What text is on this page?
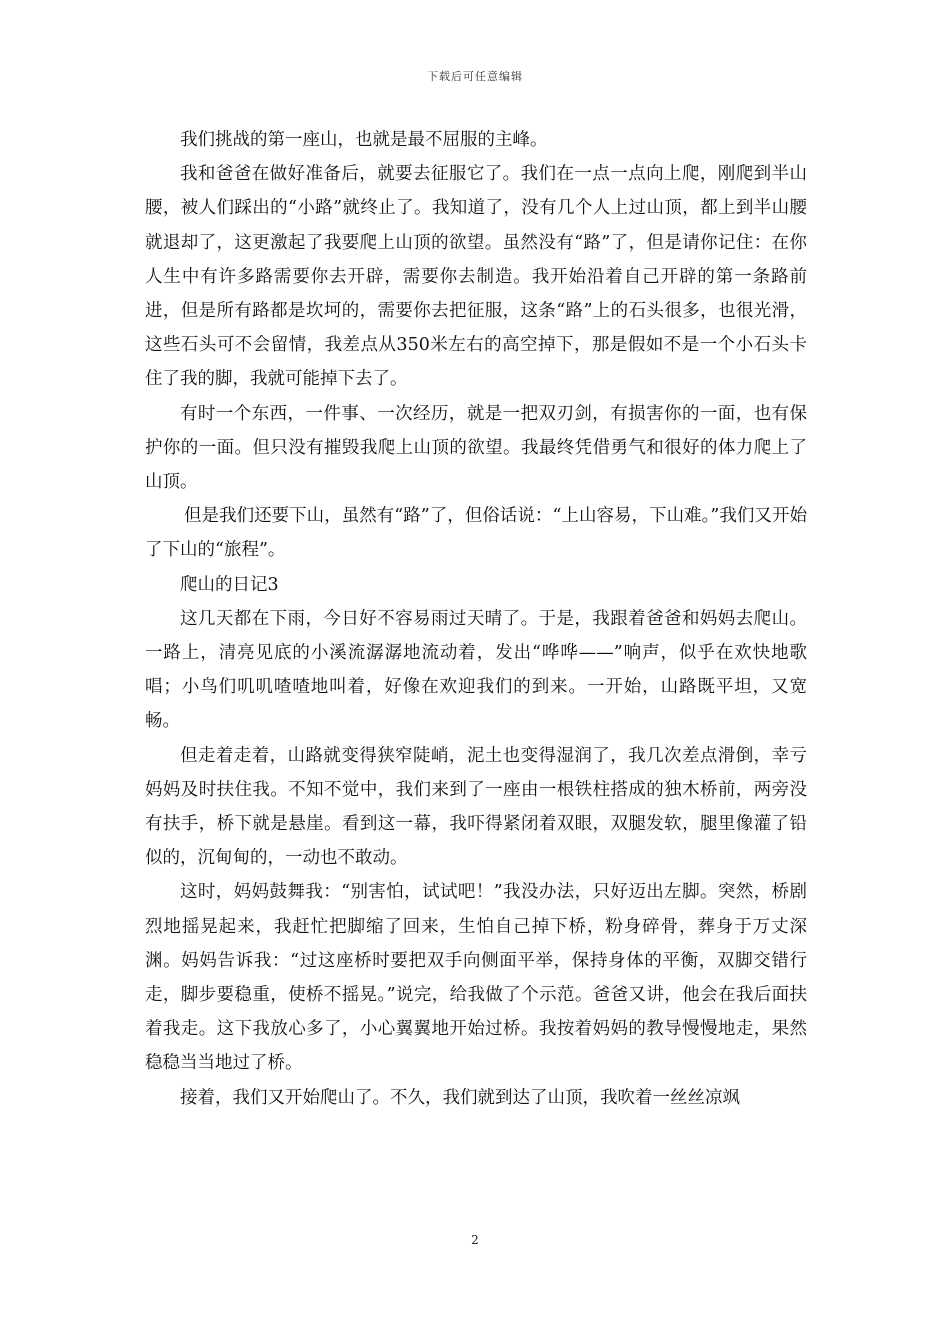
下载后可任意编辑

我们挑战的第一座山，也就是最不屈服的主峰。

我和爸爸在做好准备后，就要去征服它了。我们在一点一点向上爬，刚爬到半山腰，被人们踩出的“小路”就终止了。我知道了，没有几个人上过山顶，都上到半山腰就退却了，这更激起了我要爬上山顶的欲望。虽然没有“路”了，但是请你记住：在你人生中有许多路需要你去开辟，需要你去制造。我开始沿着自己开辟的第一条路前进，但是所有路都是坎坷的，需要你去把征服，这条“路”上的石头很多，也很光滑，这些石头可不会留情，我差点从350米左右的高空掉下，那是假如不是一个小石头卡住了我的脚，我就可能掉下去了。

有时一个东西，一件事、一次经历，就是一把双刃剑，有损害你的一面，也有保护你的一面。但只没有摧毁我爬上山顶的欲望。我最终凭借勇气和很好的体力爬上了山顶。

但是我们还要下山，虽然有“路”了，但俗话说：“上山容易，下山难。”我们又开始了下山的“旅程”。

爬山的日记3

这几天都在下雨，今日好不容易雨过天晴了。于是，我跟着爸爸和妈妈去爬山。一路上，清亮见底的小溪流潺潺地流动着，发出“哗哗——”响声，似乎在欢快地歌唱；小鸟们叽叽喳喳地叫着，好像在欢迎我们的到来。一开始，山路既平坦，又宽畅。

但走着走着，山路就变得狭窄陡峭，泥土也变得湿润了，我几次差点滑倒，幸亏妈妈及时扶住我。不知不觉中，我们来到了一座由一根铁柱搭成的独木桥前，两旁没有扶手，桥下就是悬崖。看到这一幕，我吓得紧闭着双眼，双腿发软，腿里像灌了铅似的，沉甸甸的，一动也不敢动。

这时，妈妈鼓舞我：“别害怕，试试吧！”我没办法，只好迈出左脚。突然，桥剧烈地摇晃起来，我赶忙把脚缩了回来，生怕自己掉下桥，粉身碎骨，葬身于万丈深渊。妈妈告诉我：“过这座桥时要把双手向侧面平举，保持身体的平衡，双脚交错行走，脚步要稳重，使桥不摇晃。”说完，给我做了个示范。爸爸又讲，他会在我后面扶着我走。这下我放心多了，小心翼翼地开始过桥。我按着妈妈的教导慢慢地走，果然稳稳当当地过了桥。

接着，我们又开始爬山了。不久，我们就到达了山顶，我吹着一丝丝凉飒

2
